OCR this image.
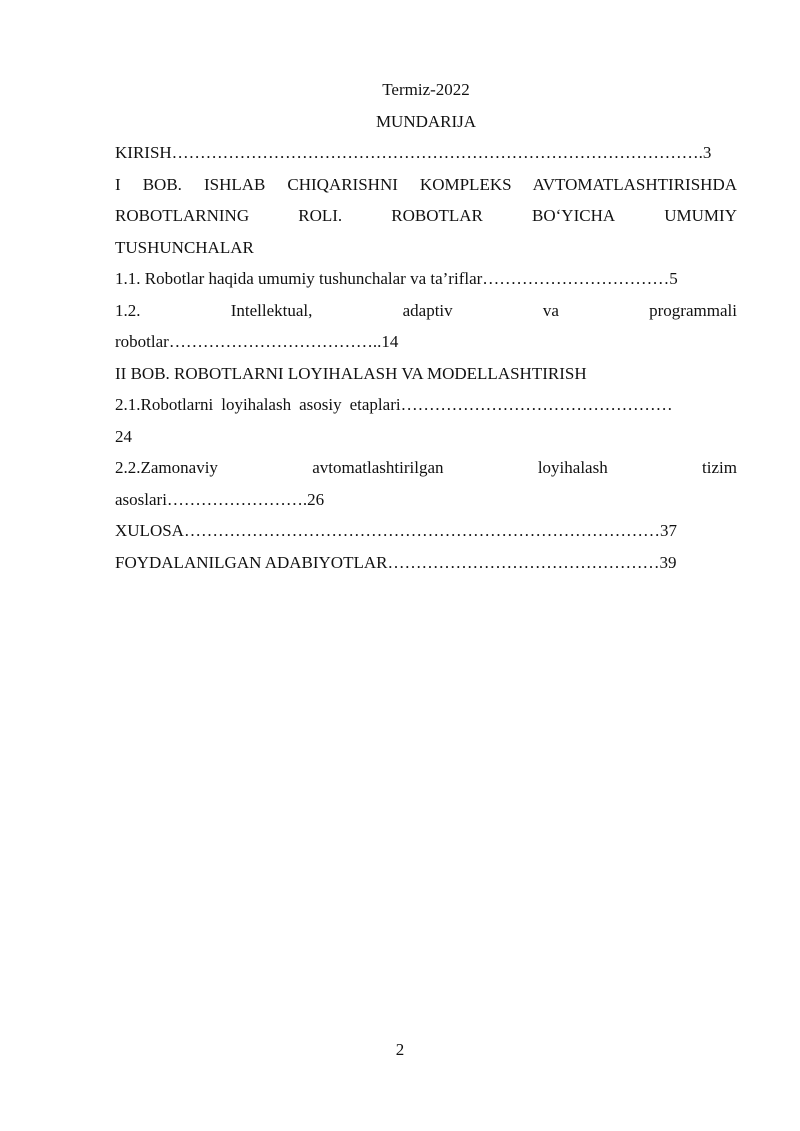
Termiz-2022
MUNDARIJA
KIRISH………………………………………………………………………………….3
I BOB. ISHLAB CHIQARISHNI KOMPLEKS AVTOMATLASHTIRISHDA
ROBOTLARNING	ROLI.	ROBOTLAR	BO‘YICHA	UMUMIY
TUSHUNCHALAR
1.1. Robotlar haqida umumiy tushunchalar va ta’riflar……………………………5
1.2.	Intellektual,	adaptiv	va	programmali
robotlar………………………………..14
II BOB. ROBOTLARNI LOYIHALASH VA MODELLASHTIRISH
2.1.Robotlarni loyihalash asosiy etaplari…………………………………………
24
2.2.Zamonaviy	avtomatlashtirilgan	loyihalash	tizim
asoslari…………………….26
XULOSA…………………………………………………………………………37
FOYDALANILGAN ADABIYOTLAR…………………………………………39
2
